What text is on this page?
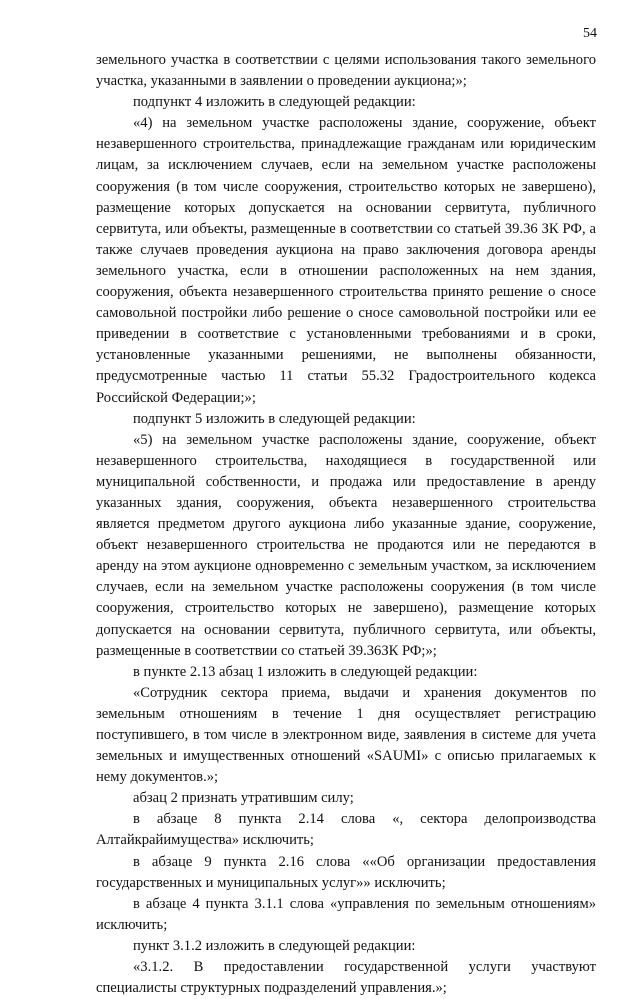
54

земельного участка в соответствии с целями использования такого земельного участка, указанными в заявлении о проведении аукциона;»;

подпункт 4 изложить в следующей редакции:

«4) на земельном участке расположены здание, сооружение, объект незавершенного строительства, принадлежащие гражданам или юридическим лицам, за исключением случаев, если на земельном участке расположены сооружения (в том числе сооружения, строительство которых не завершено), размещение которых допускается на основании сервитута, публичного сервитута, или объекты, размещенные в соответствии со статьей 39.36 ЗК РФ, а также случаев проведения аукциона на право заключения договора аренды земельного участка, если в отношении расположенных на нем здания, сооружения, объекта незавершенного строительства принято решение о сносе самовольной постройки либо решение о сносе самовольной постройки или ее приведении в соответствие с установленными требованиями и в сроки, установленные указанными решениями, не выполнены обязанности, предусмотренные частью 11 статьи 55.32 Градостроительного кодекса Российской Федерации;»;

подпункт 5 изложить в следующей редакции:

«5) на земельном участке расположены здание, сооружение, объект незавершенного строительства, находящиеся в государственной или муниципальной собственности, и продажа или предоставление в аренду указанных здания, сооружения, объекта незавершенного строительства является предметом другого аукциона либо указанные здание, сооружение, объект незавершенного строительства не продаются или не передаются в аренду на этом аукционе одновременно с земельным участком, за исключением случаев, если на земельном участке расположены сооружения (в том числе сооружения, строительство которых не завершено), размещение которых допускается на основании сервитута, публичного сервитута, или объекты, размещенные в соответствии со статьей 39.36ЗК РФ;»;

в пункте 2.13 абзац 1 изложить в следующей редакции:

«Сотрудник сектора приема, выдачи и хранения документов по земельным отношениям в течение 1 дня осуществляет регистрацию поступившего, в том числе в электронном виде, заявления в системе для учета земельных и имущественных отношений «SAUMI» с описью прилагаемых к нему документов.»;

абзац 2 признать утратившим силу;

в абзаце 8 пункта 2.14 слова «, сектора делопроизводства Алтайкрайимущества» исключить;

в абзаце 9 пункта 2.16 слова ««Об организации предоставления государственных и муниципальных услуг»» исключить;

в абзаце 4 пункта 3.1.1 слова «управления по земельным отношениям» исключить;

пункт 3.1.2 изложить в следующей редакции:

«3.1.2. В предоставлении государственной услуги участвуют специалисты структурных подразделений управления.»;
